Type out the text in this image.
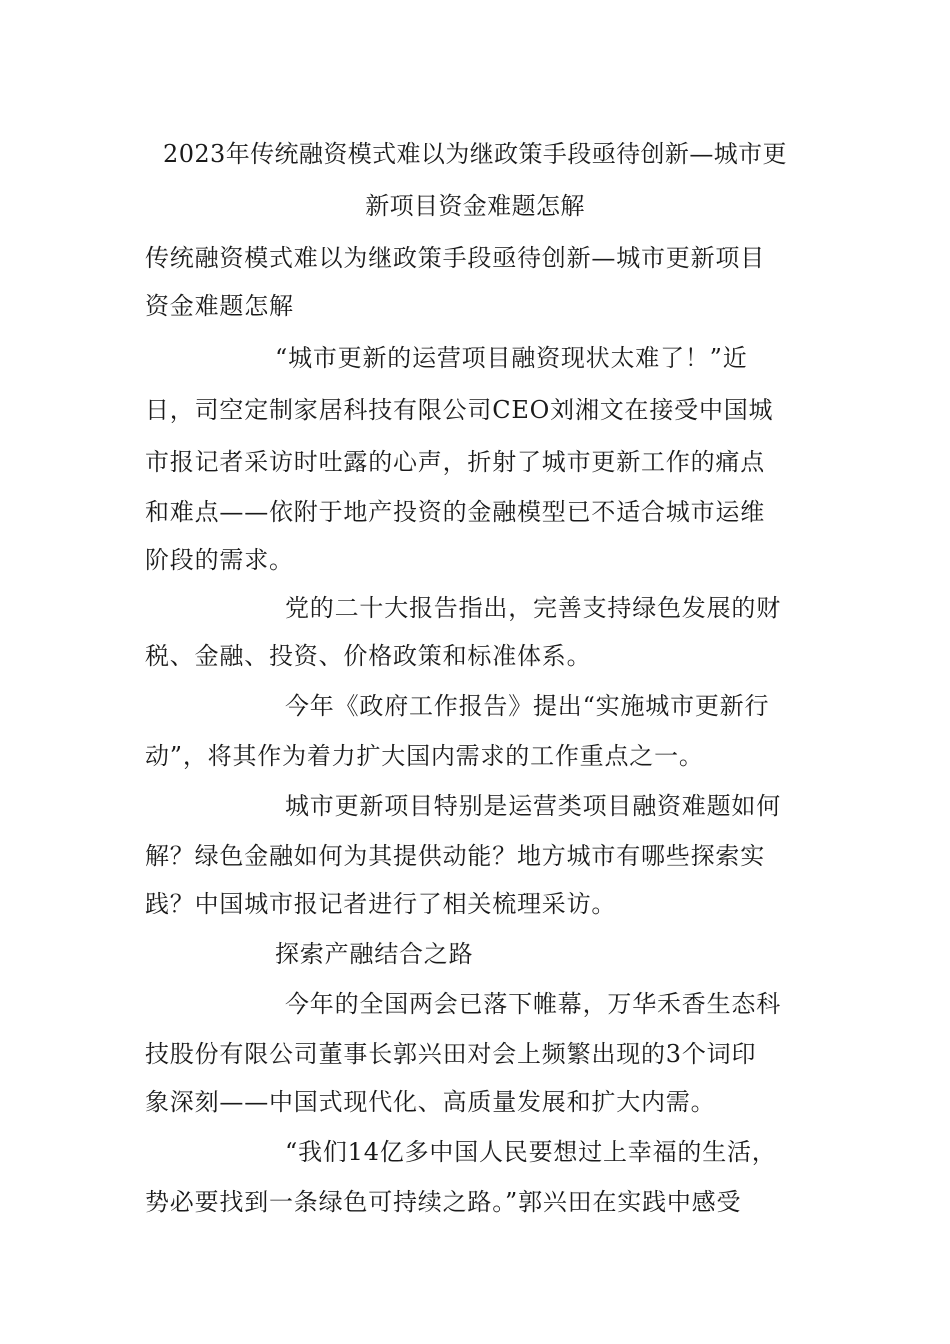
2023年传统融资模式难以为继政策手段亟待创新—城市更
新项目资金难题怎解
传统融资模式难以为继政策手段亟待创新—城市更新项目
资金难题怎解
“城市更新的运营项目融资现状太难了！”近
日，司空定制家居科技有限公司CEO刘湘文在接受中国城
市报记者采访时吐露的心声，折射了城市更新工作的痛点
和难点——依附于地产投资的金融模型已不适合城市运维
阶段的需求。
党的二十大报告指出，完善支持绿色发展的财
税、金融、投资、价格政策和标准体系。
今年《政府工作报告》提出“实施城市更新行
动”，将其作为着力扩大国内需求的工作重点之一。
城市更新项目特别是运营类项目融资难题如何
解？绿色金融如何为其提供动能？地方城市有哪些探索实
践？中国城市报记者进行了相关梳理采访。
探索产融结合之路
今年的全国两会已落下帷幕，万华禾香生态科
技股份有限公司董事长郭兴田对会上频繁出现的3个词印
象深刻——中国式现代化、高质量发展和扩大内需。
“我们14亿多中国人民要想过上幸福的生活，
势必要找到一条绿色可持续之路。”郭兴田在实践中感受
